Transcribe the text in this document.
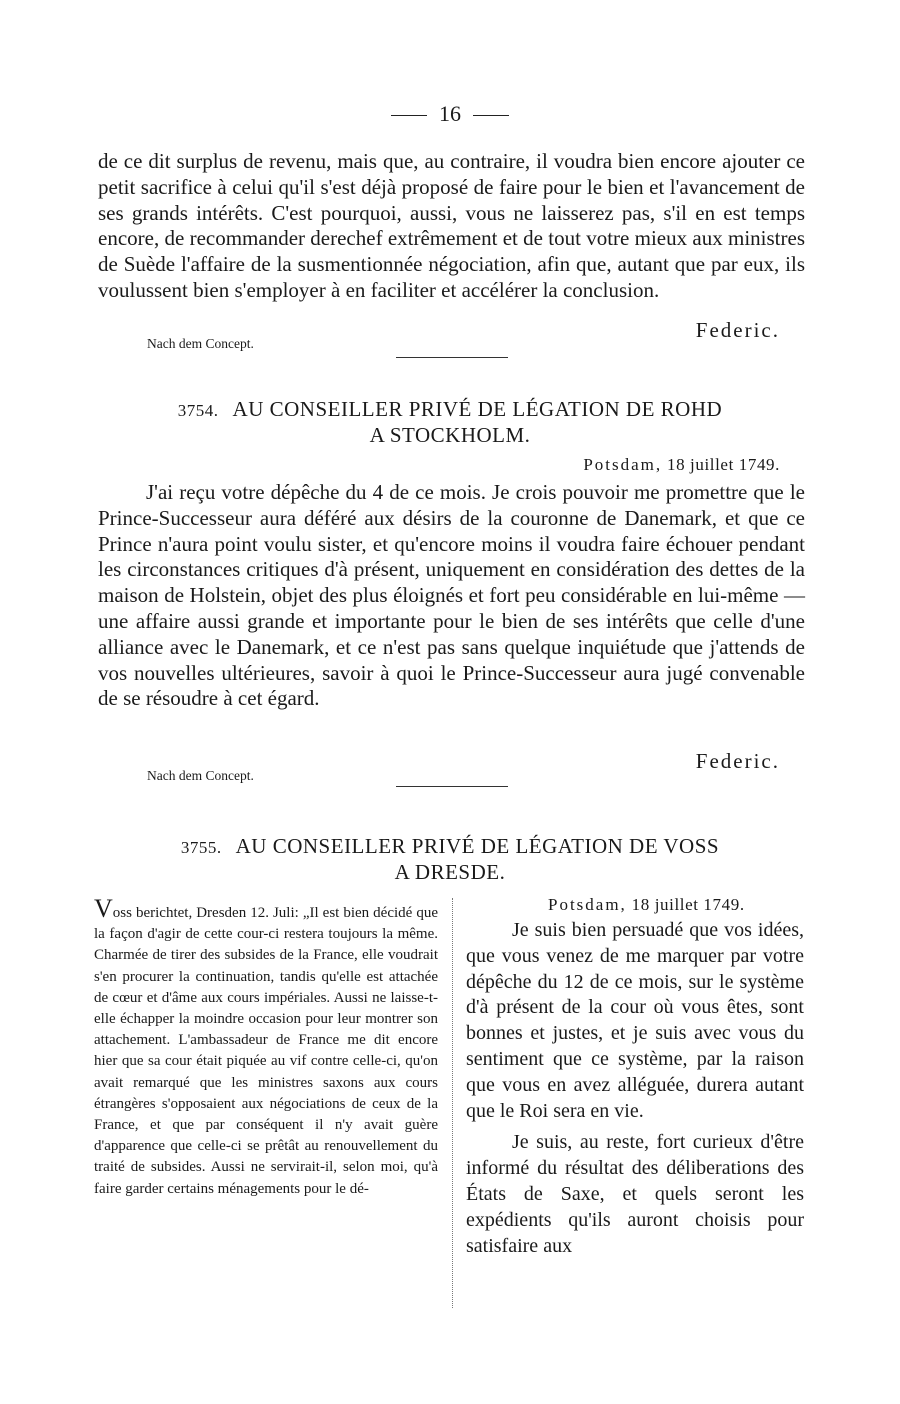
16

de ce dit surplus de revenu, mais que, au contraire, il voudra bien encore ajouter ce petit sacrifice à celui qu'il s'est déjà proposé de faire pour le bien et l'avancement de ses grands intérêts. C'est pourquoi, aussi, vous ne laisserez pas, s'il en est temps encore, de recommander derechef extrêmement et de tout votre mieux aux ministres de Suède l'affaire de la susmentionnée négociation, afin que, autant que par eux, ils voulussent bien s'employer à en faciliter et accélérer la conclusion.

Federic.
Nach dem Concept.
3754. AU CONSEILLER PRIVÉ DE LÉGATION DE ROHD
A STOCKHOLM.
Potsdam, 18 juillet 1749.

J'ai reçu votre dépêche du 4 de ce mois. Je crois pouvoir me promettre que le Prince-Successeur aura déféré aux désirs de la couronne de Danemark, et que ce Prince n'aura point voulu sister, et qu'encore moins il voudra faire échouer pendant les circonstances critiques d'à présent, uniquement en considération des dettes de la maison de Holstein, objet des plus éloignés et fort peu considérable en lui-même — une affaire aussi grande et importante pour le bien de ses intérêts que celle d'une alliance avec le Danemark, et ce n'est pas sans quelque inquiétude que j'attends de vos nouvelles ultérieures, savoir à quoi le Prince-Successeur aura jugé convenable de se résoudre à cet égard.

Federic.
Nach dem Concept.
3755. AU CONSEILLER PRIVÉ DE LÉGATION DE VOSS
A DRESDE.

Voss berichtet, Dresden 12. Juli: „Il est bien décidé que la façon d'agir de cette cour-ci restera toujours la même. Charmée de tirer des subsides de la France, elle voudrait s'en procurer la continuation, tandis qu'elle est attachée de cœur et d'âme aux cours impériales. Aussi ne laisse-t-elle échapper la moindre occasion pour leur montrer son attachement. L'ambassadeur de France me dit encore hier que sa cour était piquée au vif contre celle-ci, qu'on avait remarqué que les ministres saxons aux cours étrangères s'opposaient aux négociations de ceux de la France, et que par conséquent il n'y avait guère d'apparence que celle-ci se prêtât au renouvellement du traité de subsides. Aussi ne servirait-il, selon moi, qu'à faire garder certains ménagements pour le dé-

Potsdam, 18 juillet 1749.

Je suis bien persuadé que vos idées, que vous venez de me marquer par votre dépêche du 12 de ce mois, sur le système d'à présent de la cour où vous êtes, sont bonnes et justes, et je suis avec vous du sentiment que ce système, par la raison que vous en avez alléguée, durera autant que le Roi sera en vie.

Je suis, au reste, fort curieux d'être informé du résultat des déliberations des États de Saxe, et quels seront les expédients qu'ils auront choisis pour satisfaire aux
